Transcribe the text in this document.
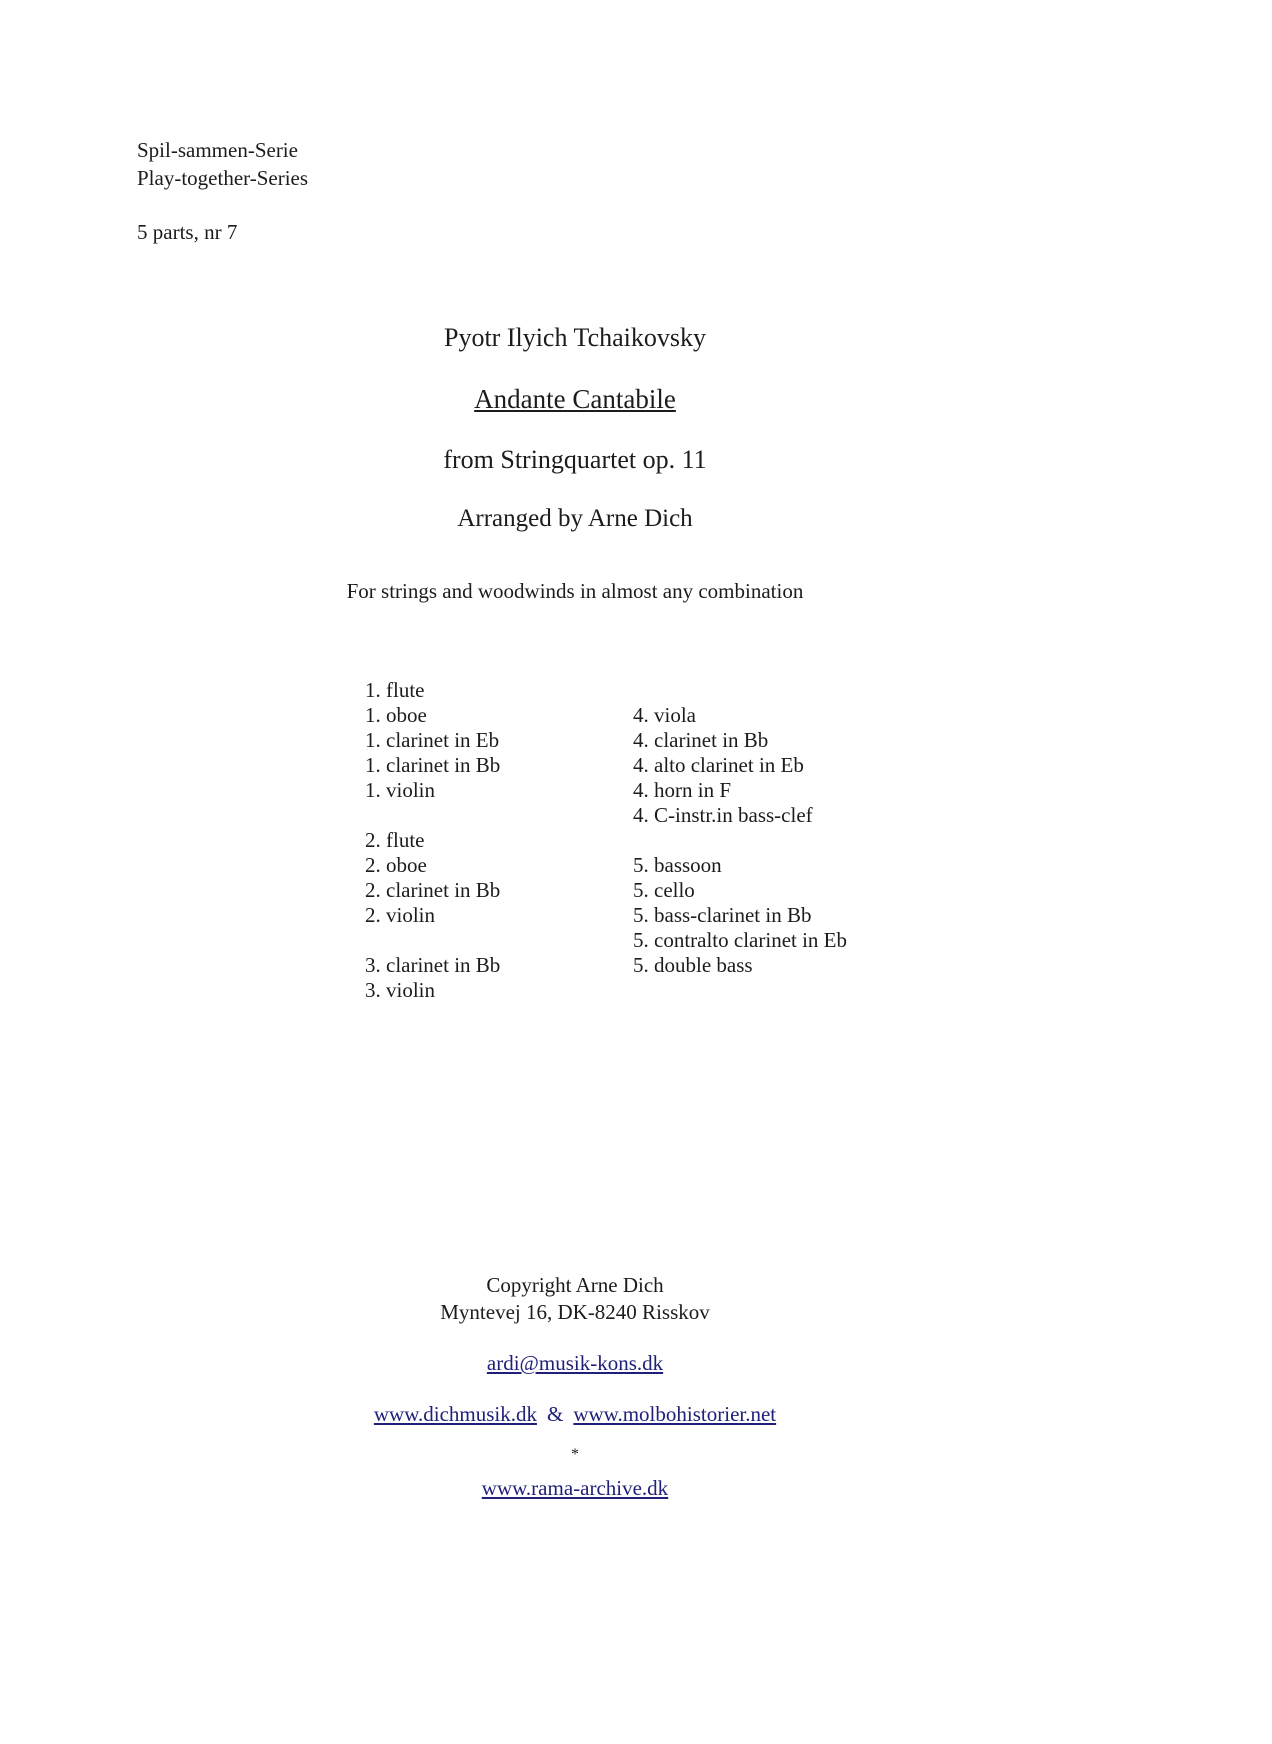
Spil-sammen-Serie
Play-together-Series
5 parts, nr 7
Pyotr Ilyich Tchaikovsky
Andante Cantabile
from Stringquartet op. 11
Arranged by Arne Dich
For strings and woodwinds in almost any combination
1. flute
1. oboe
1. clarinet in Eb
1. clarinet in Bb
1. violin
2. flute
2. oboe
2. clarinet in Bb
2. violin
3. clarinet in Bb
3. violin
4. viola
4. clarinet in Bb
4. alto clarinet in Eb
4. horn in F
4. C-instr.in bass-clef
5. bassoon
5. cello
5. bass-clarinet in Bb
5. contralto clarinet in Eb
5. double bass
Copyright Arne Dich
Myntevej 16, DK-8240 Risskov
ardi@musik-kons.dk
www.dichmusik.dk & www.molbohistorier.net
*
www.rama-archive.dk
